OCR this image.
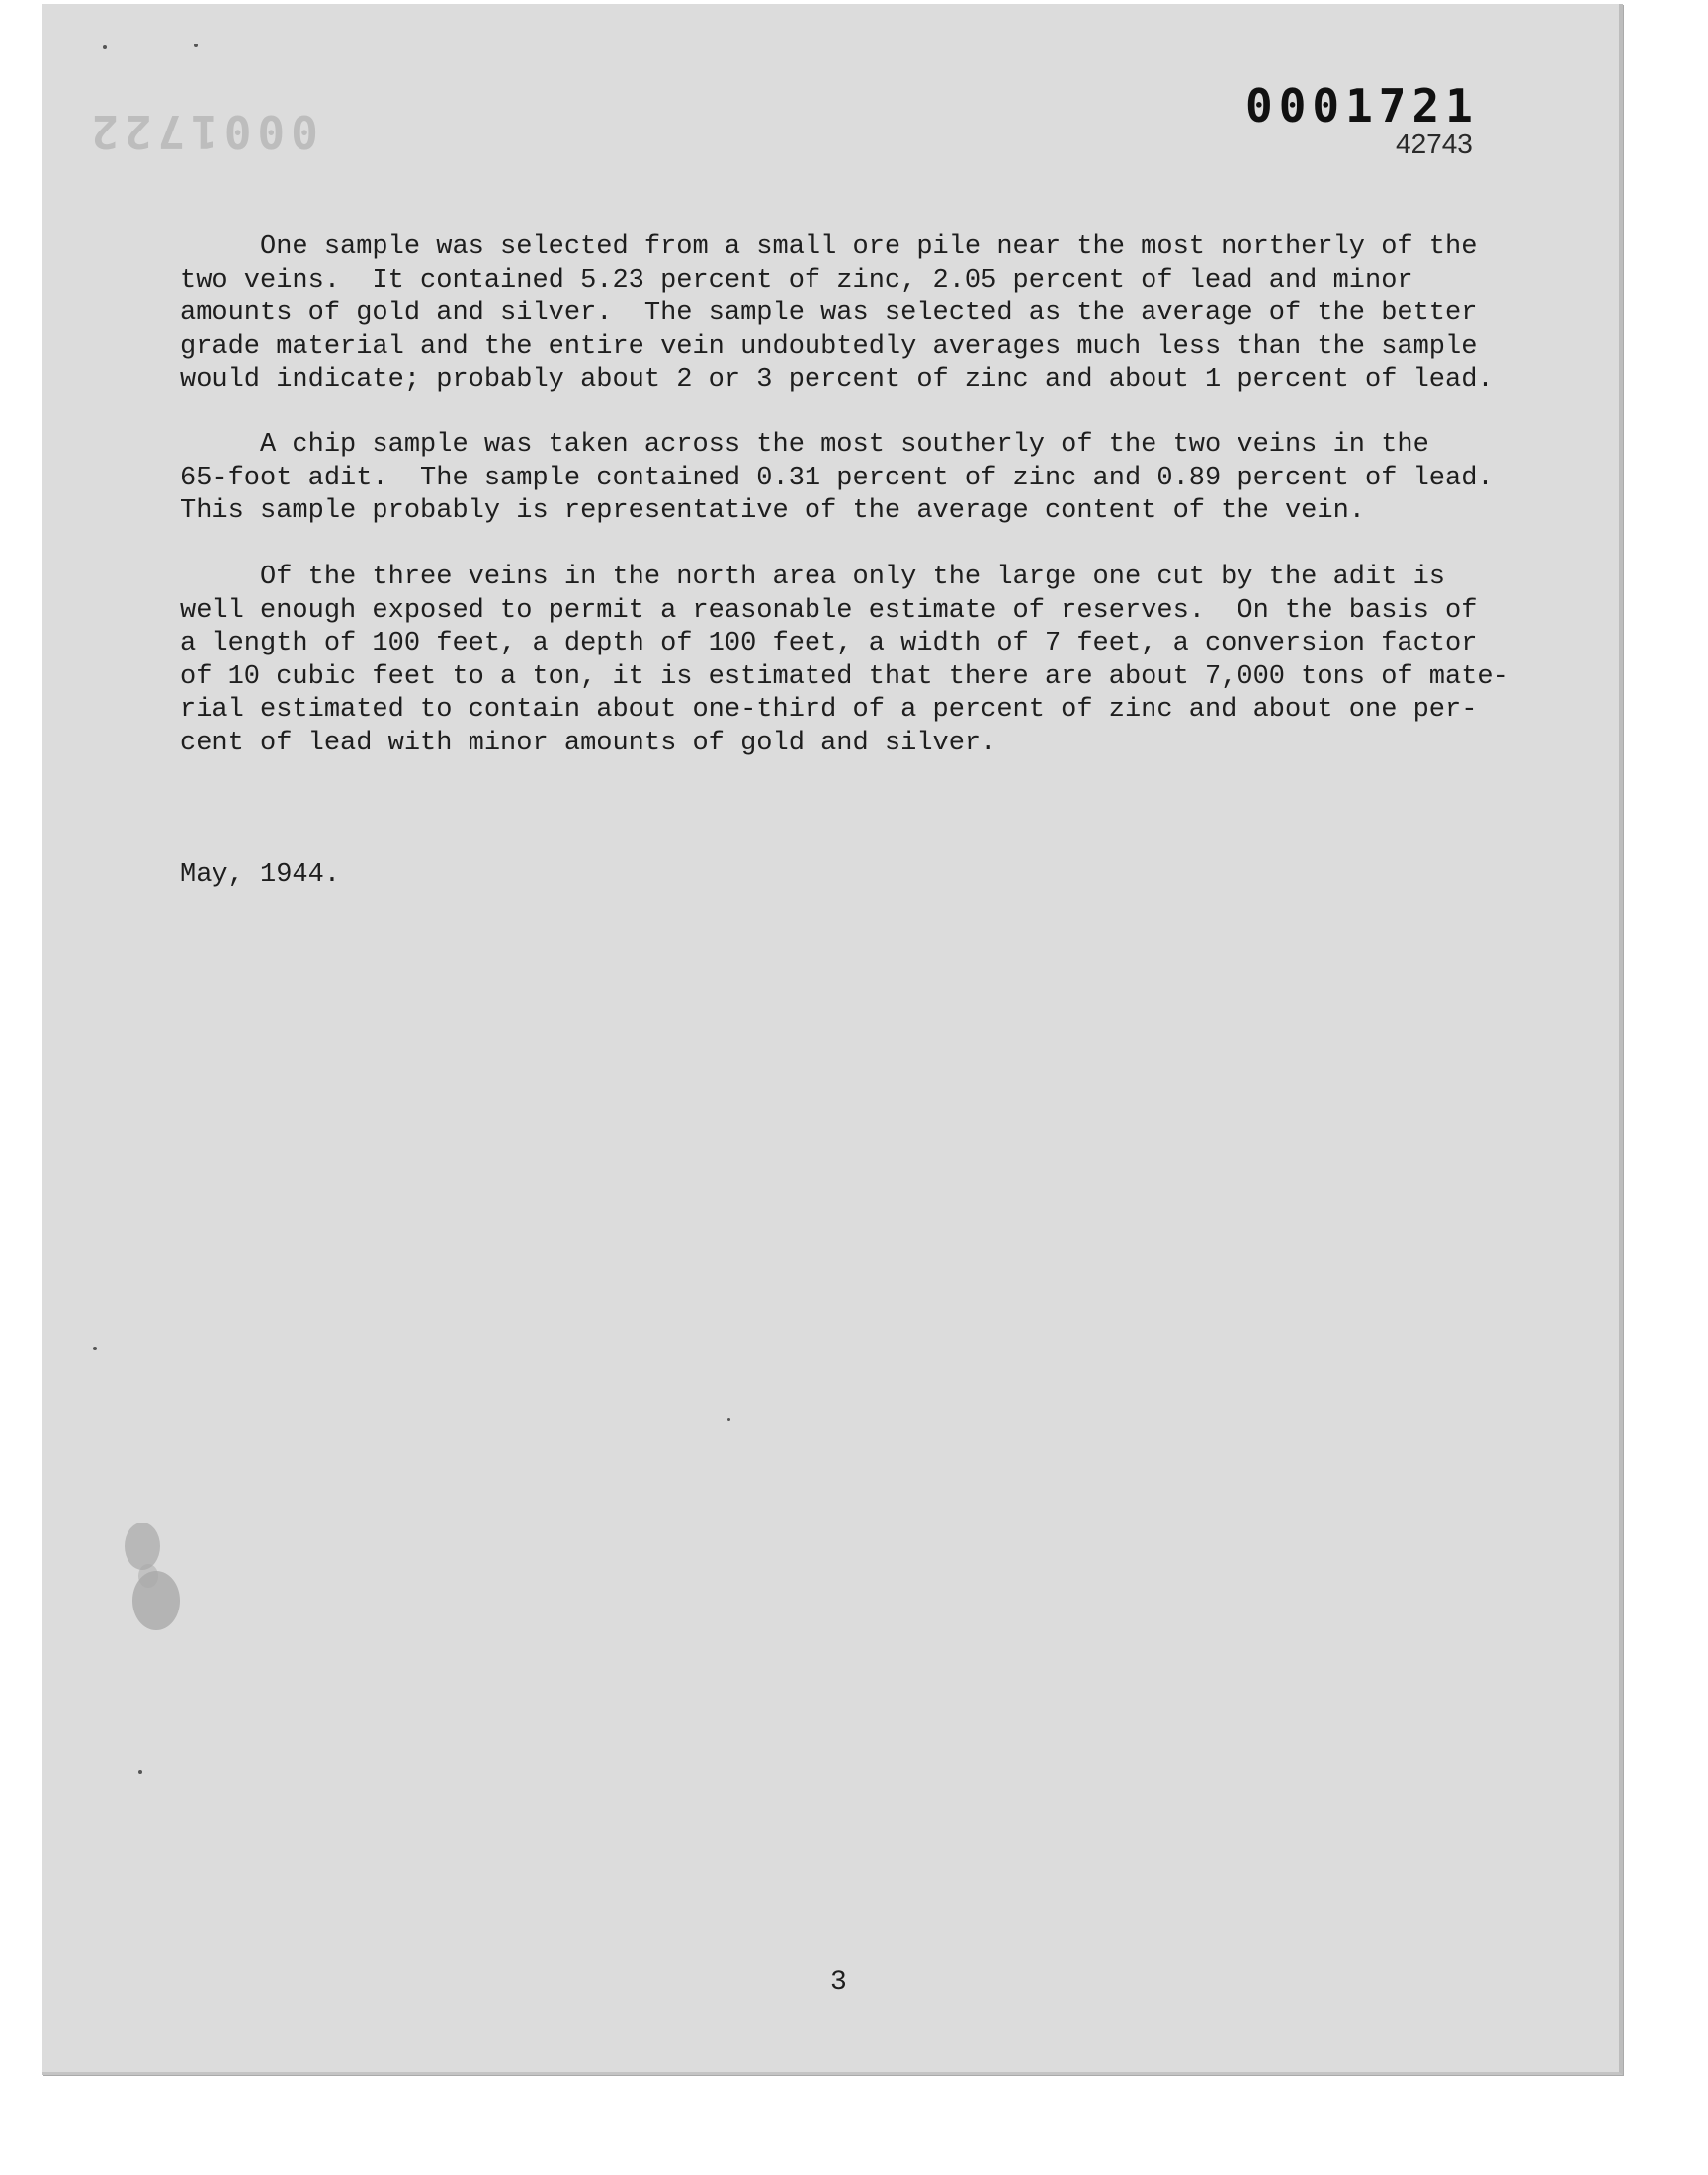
0001722	0001721
42743
One sample was selected from a small ore pile near the most northerly of the
two veins.  It contained 5.23 percent of zinc, 2.05 percent of lead and minor
amounts of gold and silver.  The sample was selected as the average of the better
grade material and the entire vein undoubtedly averages much less than the sample
would indicate; probably about 2 or 3 percent of zinc and about 1 percent of lead.
A chip sample was taken across the most southerly of the two veins in the
65-foot adit.  The sample contained 0.31 percent of zinc and 0.89 percent of lead.
This sample probably is representative of the average content of the vein.
Of the three veins in the north area only the large one cut by the adit is
well enough exposed to permit a reasonable estimate of reserves.  On the basis of
a length of 100 feet, a depth of 100 feet, a width of 7 feet, a conversion factor
of 10 cubic feet to a ton, it is estimated that there are about 7,000 tons of mate-
rial estimated to contain about one-third of a percent of zinc and about one per-
cent of lead with minor amounts of gold and silver.
May, 1944.
3
